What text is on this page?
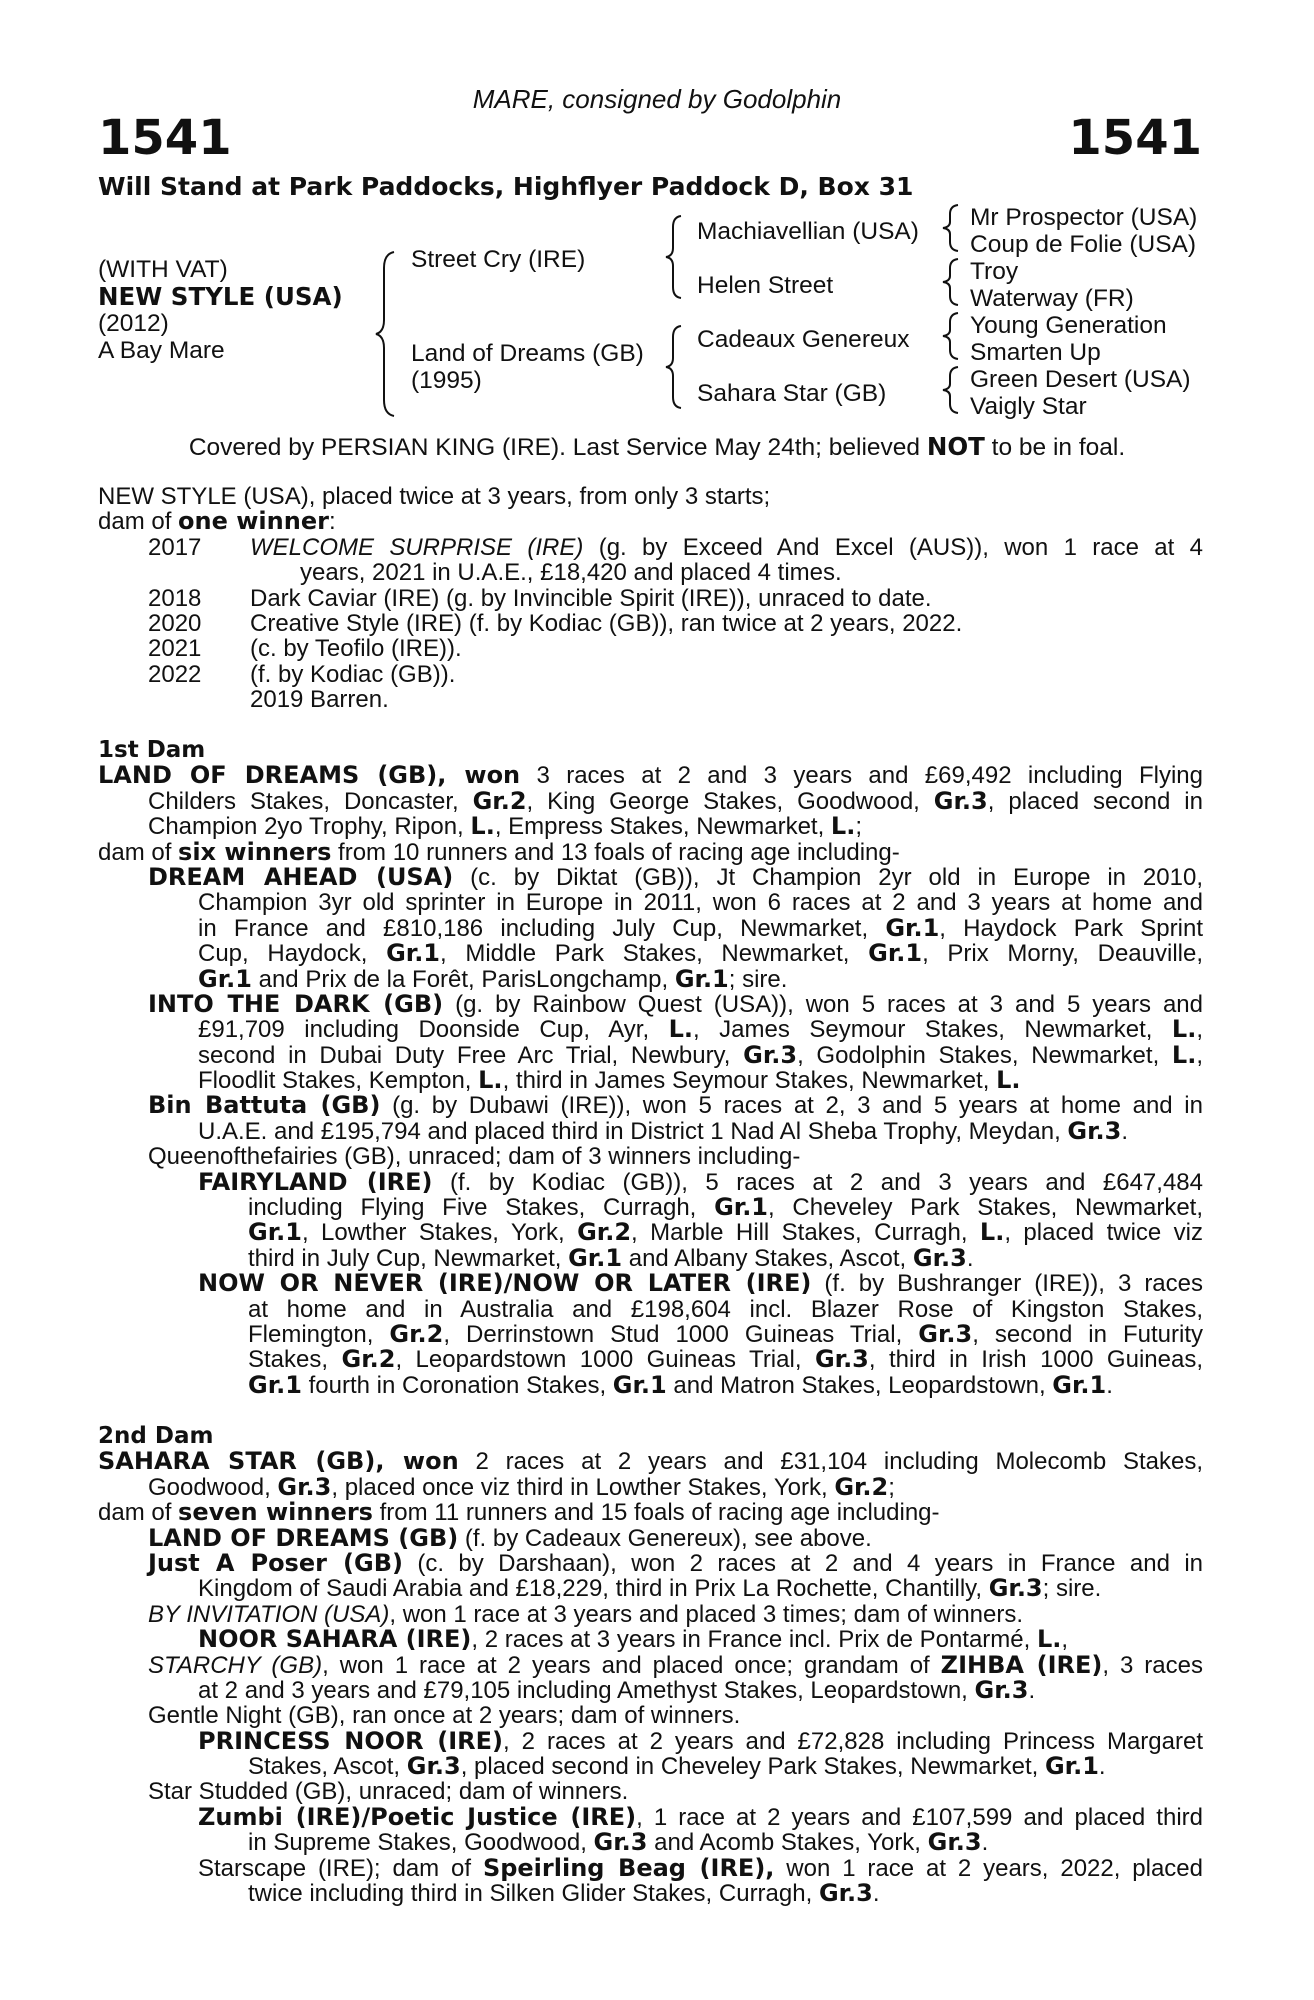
MARE, consigned by Godolphin
1541	1541
Will Stand at Park Paddocks, Highflyer Paddock D, Box 31
(WITH VAT)
NEW STYLE (USA)
(2012)
A Bay Mare
Street Cry (IRE)
Land of Dreams (GB)
(1995)
Machiavellian (USA)
Helen Street
Cadeaux Genereux
Sahara Star (GB)
Mr Prospector (USA)
Coup de Folie (USA)
Troy
Waterway (FR)
Young Generation
Smarten Up
Green Desert (USA)
Vaigly Star
Covered by PERSIAN KING (IRE). Last Service May 24th; believed NOT to be in foal.
NEW STYLE (USA), placed twice at 3 years, from only 3 starts;
dam of one winner:
2017 WELCOME SURPRISE (IRE) (g. by Exceed And Excel (AUS)), won 1 race at 4
years, 2021 in U.A.E., £18,420 and placed 4 times.
2018 Dark Caviar (IRE) (g. by Invincible Spirit (IRE)), unraced to date.
2020 Creative Style (IRE) (f. by Kodiac (GB)), ran twice at 2 years, 2022.
2021 (c. by Teofilo (IRE)).
2022 (f. by Kodiac (GB)).
2019 Barren.
1st Dam
LAND OF DREAMS (GB), won 3 races at 2 and 3 years and £69,492 including Flying
Childers Stakes, Doncaster, Gr.2, King George Stakes, Goodwood, Gr.3, placed second in
Champion 2yo Trophy, Ripon, L., Empress Stakes, Newmarket, L.;
dam of six winners from 10 runners and 13 foals of racing age including-
DREAM AHEAD (USA) (c. by Diktat (GB)), Jt Champion 2yr old in Europe in 2010,
Champion 3yr old sprinter in Europe in 2011, won 6 races at 2 and 3 years at home and
in France and £810,186 including July Cup, Newmarket, Gr.1, Haydock Park Sprint
Cup, Haydock, Gr.1, Middle Park Stakes, Newmarket, Gr.1, Prix Morny, Deauville,
Gr.1 and Prix de la Forêt, ParisLongchamp, Gr.1; sire.
INTO THE DARK (GB) (g. by Rainbow Quest (USA)), won 5 races at 3 and 5 years and
£91,709 including Doonside Cup, Ayr, L., James Seymour Stakes, Newmarket, L.,
second in Dubai Duty Free Arc Trial, Newbury, Gr.3, Godolphin Stakes, Newmarket, L.,
Floodlit Stakes, Kempton, L., third in James Seymour Stakes, Newmarket, L.
Bin Battuta (GB) (g. by Dubawi (IRE)), won 5 races at 2, 3 and 5 years at home and in
U.A.E. and £195,794 and placed third in District 1 Nad Al Sheba Trophy, Meydan, Gr.3.
Queenofthefairies (GB), unraced; dam of 3 winners including-
FAIRYLAND (IRE) (f. by Kodiac (GB)), 5 races at 2 and 3 years and £647,484
including Flying Five Stakes, Curragh, Gr.1, Cheveley Park Stakes, Newmarket,
Gr.1, Lowther Stakes, York, Gr.2, Marble Hill Stakes, Curragh, L., placed twice viz
third in July Cup, Newmarket, Gr.1 and Albany Stakes, Ascot, Gr.3.
NOW OR NEVER (IRE)/NOW OR LATER (IRE) (f. by Bushranger (IRE)), 3 races
at home and in Australia and £198,604 incl. Blazer Rose of Kingston Stakes,
Flemington, Gr.2, Derrinstown Stud 1000 Guineas Trial, Gr.3, second in Futurity
Stakes, Gr.2, Leopardstown 1000 Guineas Trial, Gr.3, third in Irish 1000 Guineas,
Gr.1 fourth in Coronation Stakes, Gr.1 and Matron Stakes, Leopardstown, Gr.1.
2nd Dam
SAHARA STAR (GB), won 2 races at 2 years and £31,104 including Molecomb Stakes,
Goodwood, Gr.3, placed once viz third in Lowther Stakes, York, Gr.2;
dam of seven winners from 11 runners and 15 foals of racing age including-
LAND OF DREAMS (GB) (f. by Cadeaux Genereux), see above.
Just A Poser (GB) (c. by Darshaan), won 2 races at 2 and 4 years in France and in
Kingdom of Saudi Arabia and £18,229, third in Prix La Rochette, Chantilly, Gr.3; sire.
BY INVITATION (USA), won 1 race at 3 years and placed 3 times; dam of winners.
NOOR SAHARA (IRE), 2 races at 3 years in France incl. Prix de Pontarmé, L.,
STARCHY (GB), won 1 race at 2 years and placed once; grandam of ZIHBA (IRE), 3 races
at 2 and 3 years and £79,105 including Amethyst Stakes, Leopardstown, Gr.3.
Gentle Night (GB), ran once at 2 years; dam of winners.
PRINCESS NOOR (IRE), 2 races at 2 years and £72,828 including Princess Margaret
Stakes, Ascot, Gr.3, placed second in Cheveley Park Stakes, Newmarket, Gr.1.
Star Studded (GB), unraced; dam of winners.
Zumbi (IRE)/Poetic Justice (IRE), 1 race at 2 years and £107,599 and placed third
in Supreme Stakes, Goodwood, Gr.3 and Acomb Stakes, York, Gr.3.
Starscape (IRE); dam of Speirling Beag (IRE), won 1 race at 2 years, 2022, placed
twice including third in Silken Glider Stakes, Curragh, Gr.3.
